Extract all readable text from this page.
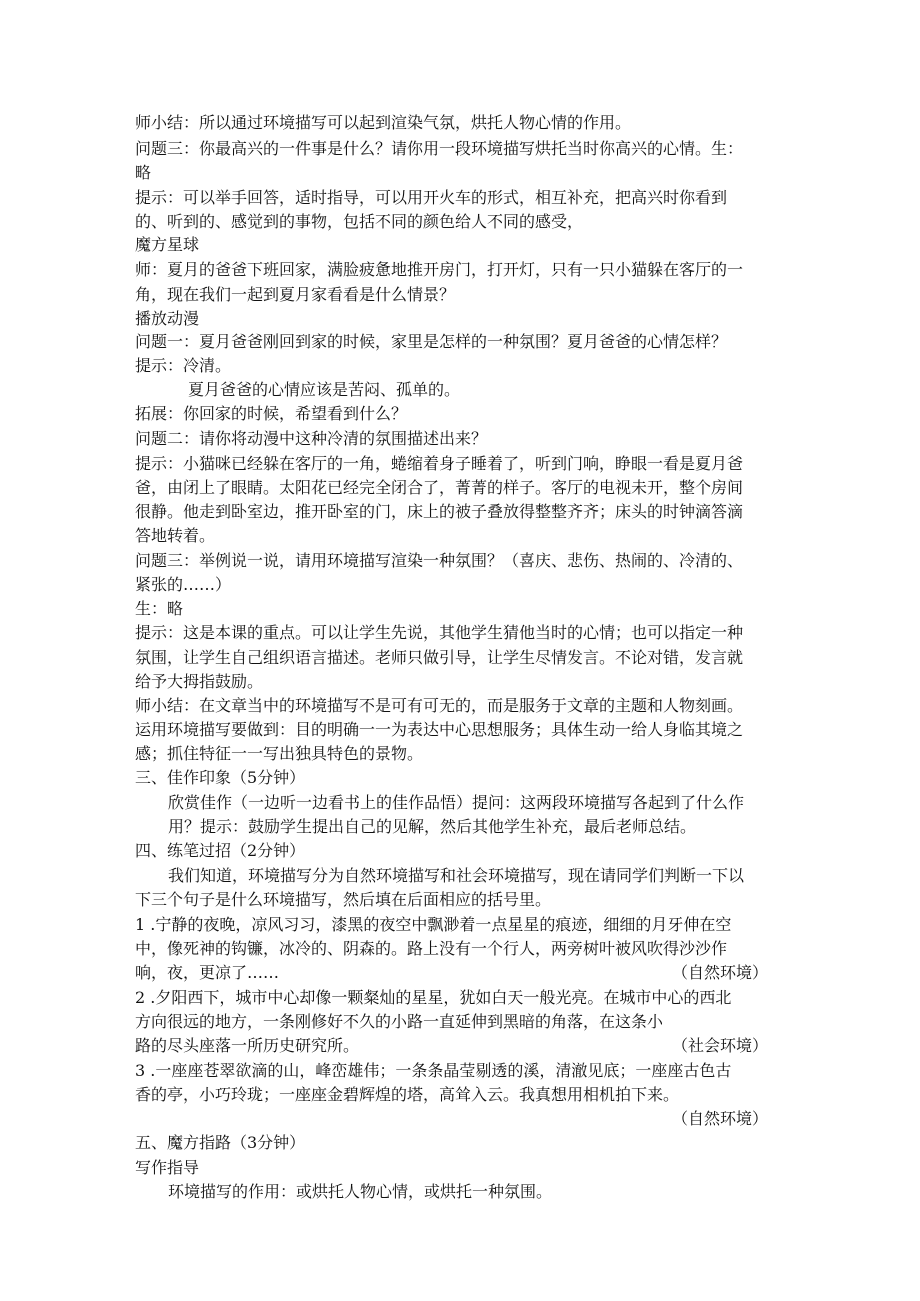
师小结：所以通过环境描写可以起到渲染气氛，烘托人物心情的作用。
问题三：你最高兴的一件事是什么？请你用一段环境描写烘托当时你高兴的心情。生：
略
提示：可以举手回答，适时指导，可以用开火车的形式，相互补充，把高兴时你看到
的、听到的、感觉到的事物，包括不同的颜色给人不同的感受，
魔方星球
师：夏月的爸爸下班回家，满脸疲惫地推开房门，打开灯，只有一只小猫躲在客厅的一
角，现在我们一起到夏月家看看是什么情景？
播放动漫
问题一：夏月爸爸刚回到家的时候，家里是怎样的一种氛围？夏月爸爸的心情怎样？
提示：冷清。
夏月爸爸的心情应该是苦闷、孤单的。
拓展：你回家的时候，希望看到什么？
问题二：请你将动漫中这种冷清的氛围描述出来？
提示：小猫咪已经躲在客厅的一角，蜷缩着身子睡着了，听到门响，睁眼一看是夏月爸
爸，由闭上了眼睛。太阳花已经完全闭合了，菁菁的样子。客厅的电视未开，整个房间
很静。他走到卧室边，推开卧室的门，床上的被子叠放得整整齐齐；床头的时钟滴答滴
答地转着。
问题三：举例说一说，请用环境描写渲染一种氛围？（喜庆、悲伤、热闹的、冷清的、
紧张的……）
生：略
提示：这是本课的重点。可以让学生先说，其他学生猜他当时的心情；也可以指定一种
氛围，让学生自己组织语言描述。老师只做引导，让学生尽情发言。不论对错，发言就
给予大拇指鼓励。
师小结：在文章当中的环境描写不是可有可无的，而是服务于文章的主题和人物刻画。
运用环境描写要做到：目的明确一一为表达中心思想服务；具体生动一给人身临其境之
感；抓住特征一一写出独具特色的景物。
三、佳作印象（5分钟）
欣赏佳作（一边听一边看书上的佳作品悟）提问：这两段环境描写各起到了什么作
用？提示：鼓励学生提出自己的见解，然后其他学生补充，最后老师总结。
四、练笔过招（2分钟）
我们知道，环境描写分为自然环境描写和社会环境描写，现在请同学们判断一下以
下三个句子是什么环境描写，然后填在后面相应的括号里。
1 .宁静的夜晚，凉风习习，漆黑的夜空中飘渺着一点星星的痕迹，细细的月牙伸在空
中，像死神的钩镰，冰冷的、阴森的。路上没有一个行人，两旁树叶被风吹得沙沙作
响，夜，更凉了……	（自然环境）
2 .夕阳西下，城市中心却像一颗粲灿的星星，犹如白天一般光亮。在城市中心的西北
方向很远的地方，一条刚修好不久的小路一直延伸到黑暗的角落，在这条小
路的尽头座落一所历史研究所。	（社会环境）
3 .一座座苍翠欲滴的山，峰峦雄伟；一条条晶莹剔透的溪，清澈见底；一座座古色古
香的亭，小巧玲珑；一座座金碧辉煌的塔，高耸入云。我真想用相机拍下来。
（自然环境）
五、魔方指路（3分钟）
写作指导
环境描写的作用：或烘托人物心情，或烘托一种氛围。
